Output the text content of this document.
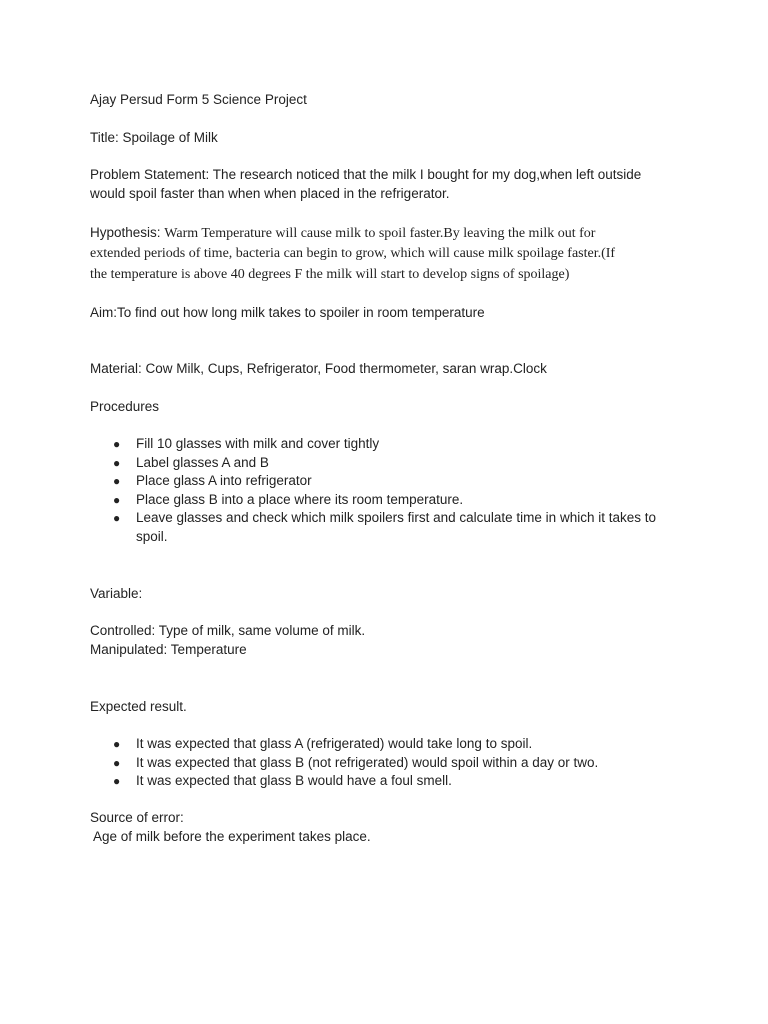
Ajay Persud Form 5 Science Project
Title: Spoilage of Milk
Problem Statement: The research noticed that the milk I bought for my dog,when left outside
would spoil faster than when when placed in the refrigerator.
Hypothesis: Warm Temperature will cause milk to spoil faster.By leaving the milk out for
extended periods of time, bacteria can begin to grow, which will cause milk spoilage faster.(If
the temperature is above 40 degrees F the milk will start to develop signs of spoilage)
Aim:To find out how long milk takes to spoiler in room temperature
Material: Cow Milk, Cups, Refrigerator, Food thermometer, saran wrap.Clock
Procedures
● Fill 10 glasses with milk and cover tightly
● Label glasses A and B
● Place glass A into refrigerator
● Place glass B into a place where its room temperature.
● Leave glasses and check which milk spoilers first and calculate time in which it takes to spoil.
Variable:
Controlled: Type of milk, same volume of milk.
Manipulated: Temperature
Expected result.
● It was expected that glass A (refrigerated) would take long to spoil.
● It was expected that glass B (not refrigerated) would spoil within a day or two.
● It was expected that glass B would have a foul smell.
Source of error:
Age of milk before the experiment takes place.
